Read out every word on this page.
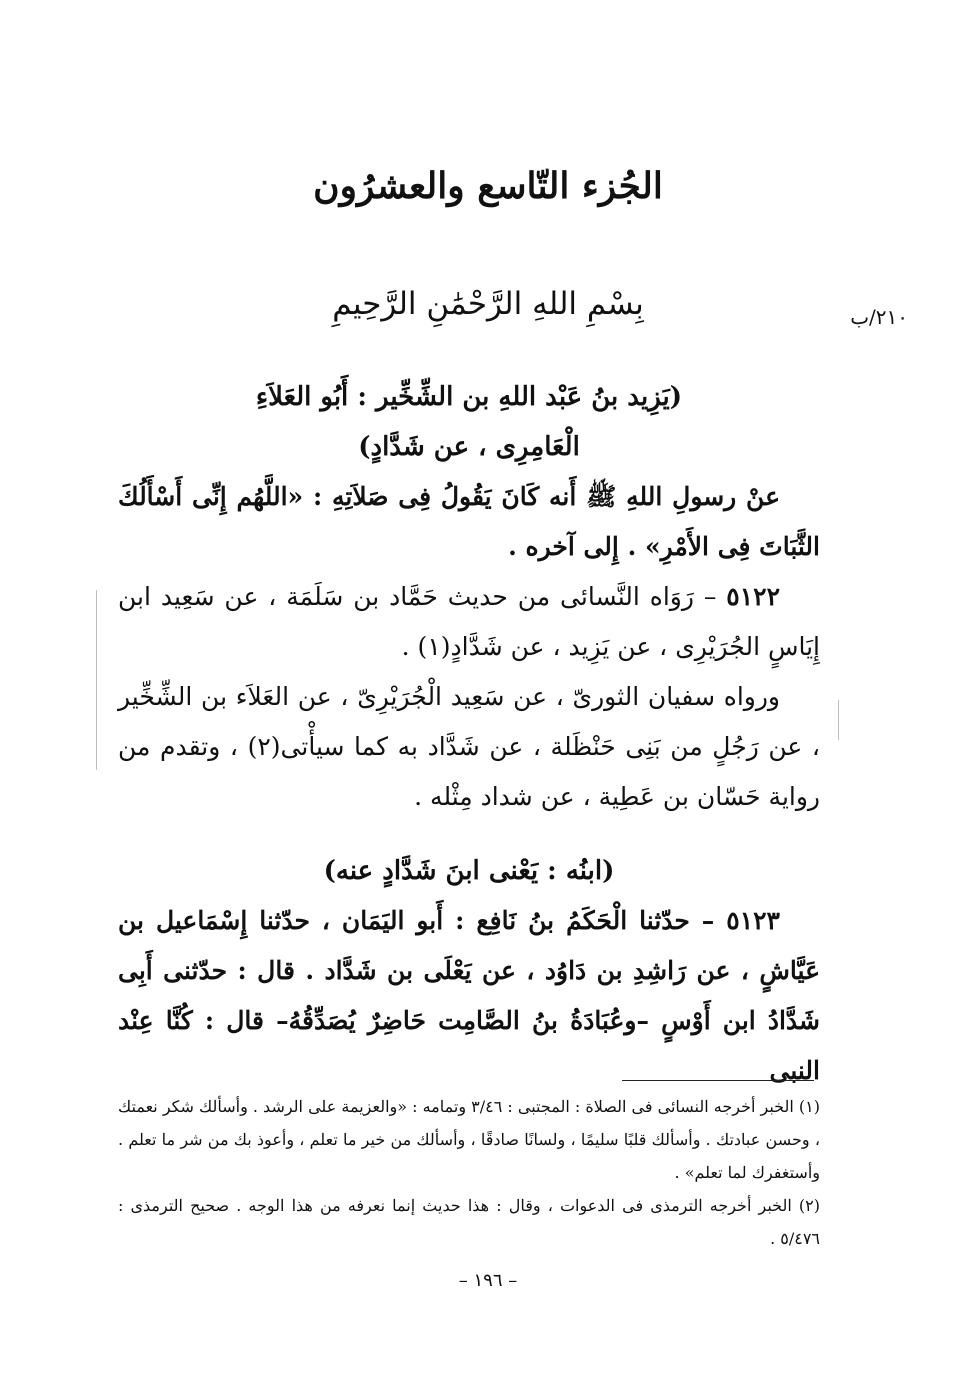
الجُزء التّاسع والعشرُون
بِسْمِ اللهِ الرَّحْمَٰنِ الرَّحِيمِ	٢١٠/ب

(يَزِيد بنُ عَبْد اللهِ بن الشِّخِّير : أَبُو العَلاَءِ

الْعَامِرِى ، عن شَدَّادٍ)

عنْ رسولِ اللهِ ﷺ أَنه كَانَ يَقُولُ فِى صَلاَتِهِ : «اللَّهُم إِنِّى أَسْأَلُكَ الثَّبَاتَ فِى الأَمْرِ» . إِلى آخره .

٥١٢٢ – رَوَاه النَّسائى من حديث حَمَّاد بن سَلَمَة ، عن سَعِيد ابن إِيَاسٍ الجُرَيْرِى ، عن يَزِيد ، عن شَدَّادٍ(١) .

ورواه سفيان الثورىّ ، عن سَعِيد الْجُرَيْرِىّ ، عن العَلاَء بن الشِّخِّير ، عن رَجُلٍ من بَنِى حَنْظَلة ، عن شَدَّاد به كما سيأْتى(٢) ، وتقدم من رواية حَسّان بن عَطِية ، عن شداد مِثْله .

(ابنُه : يَعْنى ابنَ شَدَّادٍ عنه)

٥١٢٣ – حدّثنا الْحَكَمُ بنُ نَافِع : أَبو اليَمَان ، حدّثنا إِسْمَاعيل بن عَيَّاشٍ ، عن رَاشِدِ بن دَاوُد ، عن يَعْلَى بن شَدَّاد . قال : حدّثنى أَبِى شَدَّادُ ابن أَوْسٍ –وعُبَادَةُ بنُ الصَّامِت حَاضِرٌ يُصَدِّقُهُ– قال : كُنَّا عِنْد النبى

(١) الخبر أخرجه النسائى فى الصلاة : المجتبى : ٣/٤٦ وتمامه : «والعزيمة على الرشد . وأسألك شكر نعمتك ، وحسن عبادتك . وأسألك قلبًا سليمًا ، ولسانًا صادقًا ، وأسألك من خير ما تعلم ، وأعوذ بك من شر ما تعلم . وأستغفرك لما تعلم» .

(٢) الخبر أخرجه الترمذى فى الدعوات ، وقال : هذا حديث إنما نعرفه من هذا الوجه . صحيح الترمذى : ٥/٤٧٦ .

– ١٩٦ –
